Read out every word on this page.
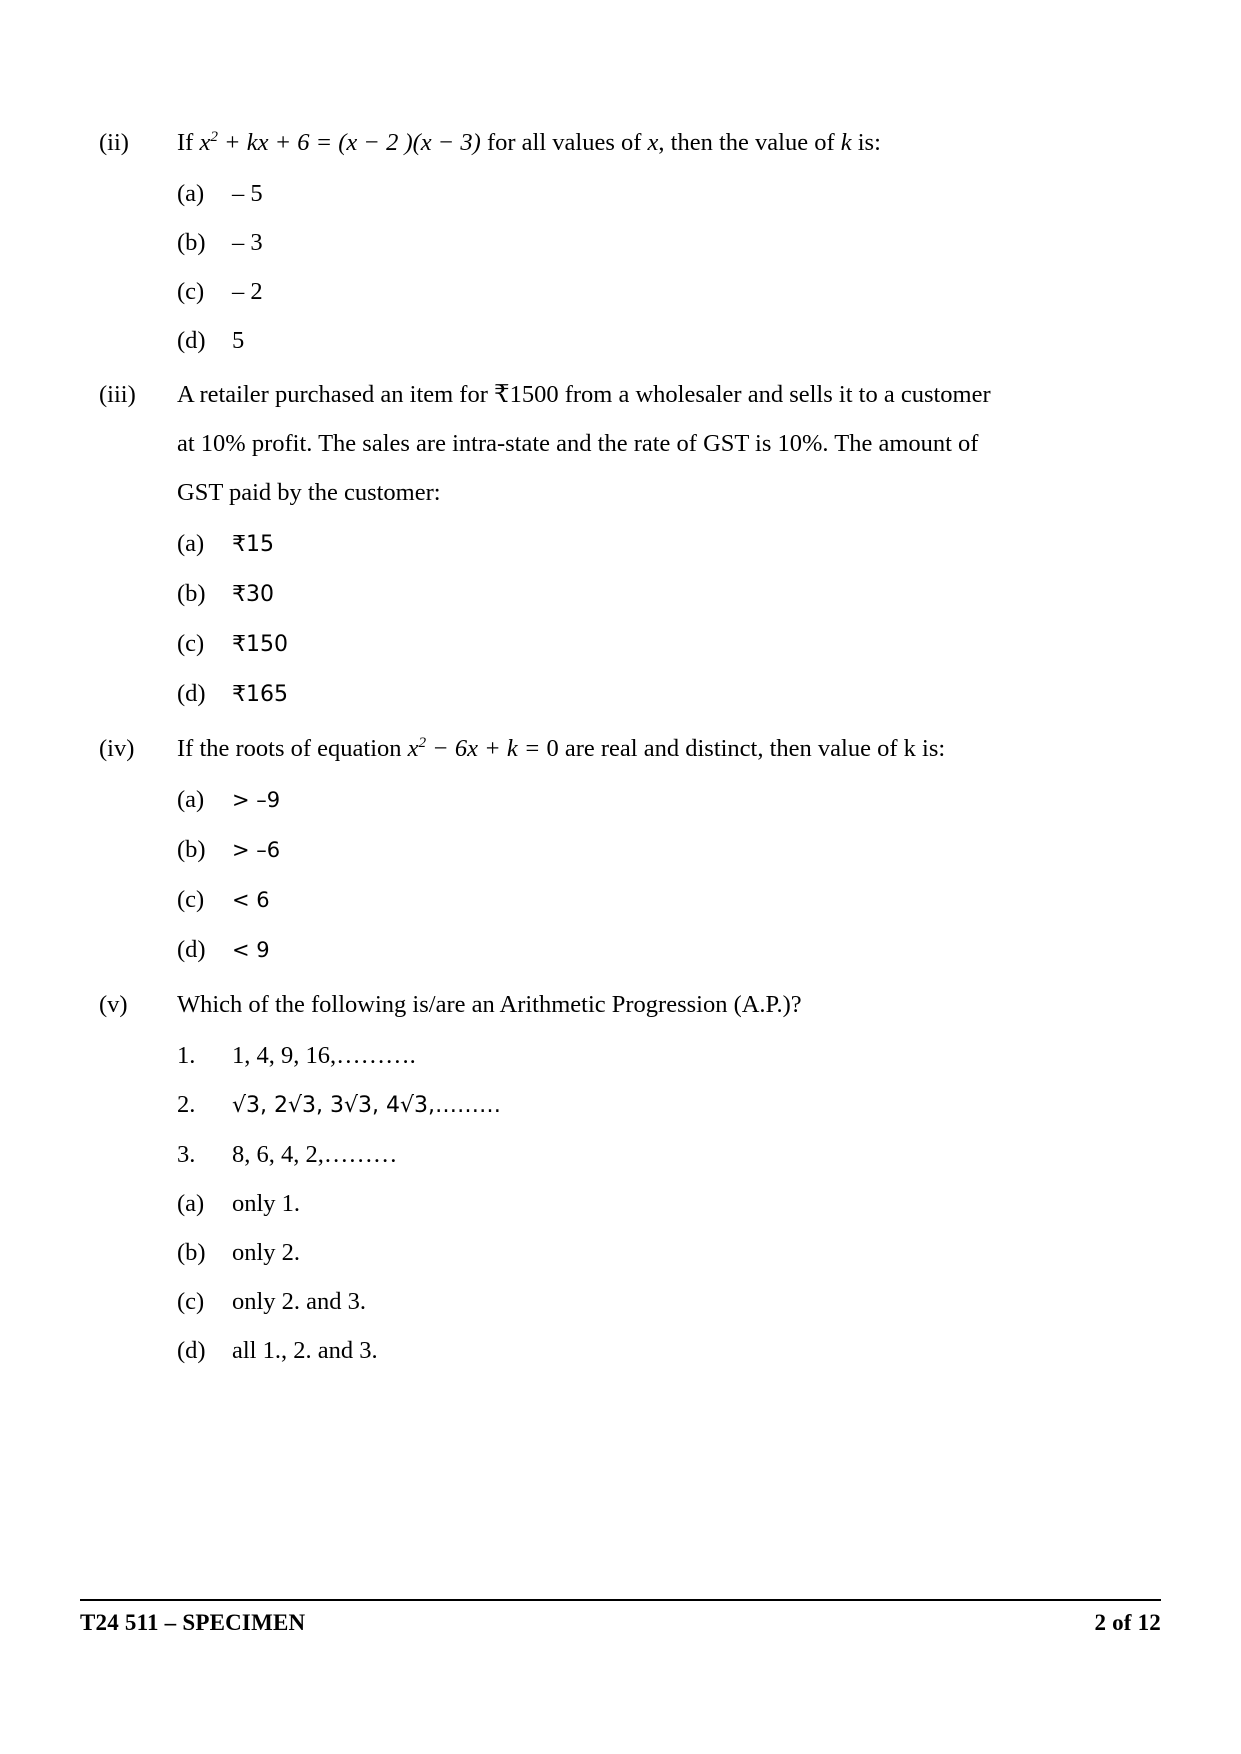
(ii)	If $x^2$ + kx + 6 = (x − 2 )(x − 3) for all values of x, then the value of k is:
(a)	– 5
(b)	– 3
(c)	– 2
(d)	5
(iii)	A retailer purchased an item for ₹1500 from a wholesaler and sells it to a customer
at 10% profit. The sales are intra-state and the rate of GST is 10%. The amount of
GST paid by the customer:
(a)	₹15
(b)	₹30
(c)	₹150
(d)	₹165
(iv)	If the roots of equation $x^2 - 6x + k = 0$ are real and distinct, then value of k is:
(a)	> –9
(b)	> –6
(c)	< 6
(d)	< 9
(v)	Which of the following is/are an Arithmetic Progression (A.P.)?
1.	1, 4, 9, 16,……….
2.	√3, 2√3, 3√3, 4√3,………
3.	8, 6, 4, 2,………
(a)	only 1.
(b)	only 2.
(c)	only 2. and 3.
(d)	all 1., 2. and 3.
T24 511 – SPECIMEN	2 of 12
